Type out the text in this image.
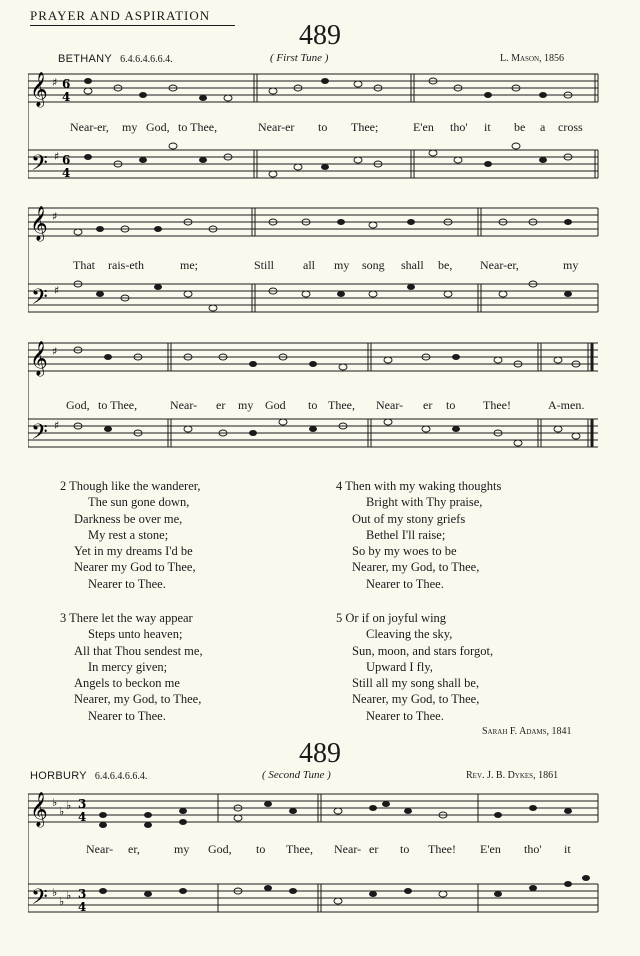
PRAYER AND ASPIRATION
489
BETHANY 6.4.6.4.6.6.4.	( First Tune )	L. Mason, 1856
𝄞
𝄢
♯
♯
6
4
6
4
Near-er, my God, to Thee,	Near-er to Thee;	E'en tho' it be a cross
𝄞
𝄢
♯
♯
That rais-eth	me;	Still all my song shall be, Near-er,	my
𝄞
𝄢
♯
♯
God, to Thee,	Near- er my God to Thee, Near- er to Thee!	A-men.
2 Though like the wanderer,
The sun gone down,
Darkness be over me,
My rest a stone;
Yet in my dreams I'd be
Nearer my God to Thee,
Nearer to Thee.
3 There let the way appear
Steps unto heaven;
All that Thou sendest me,
In mercy given;
Angels to beckon me
Nearer, my God, to Thee,
Nearer to Thee.
4 Then with my waking thoughts
Bright with Thy praise,
Out of my stony griefs
Bethel I'll raise;
So by my woes to be
Nearer, my God, to Thee,
Nearer to Thee.
5 Or if on joyful wing
Cleaving the sky,
Sun, moon, and stars forgot,
Upward I fly,
Still all my song shall be,
Nearer, my God, to Thee,
Nearer to Thee.
Sarah F. Adams, 1841
489
HORBURY 6.4.6.4.6.6.4.	( Second Tune )	Rev. J. B. Dykes, 1861
𝄞
𝄢
♭
♭ ♭
♭
♭ ♭
3
4
3
4
Near- er,	my God, to Thee, Near- er to Thee! E'en tho' it
